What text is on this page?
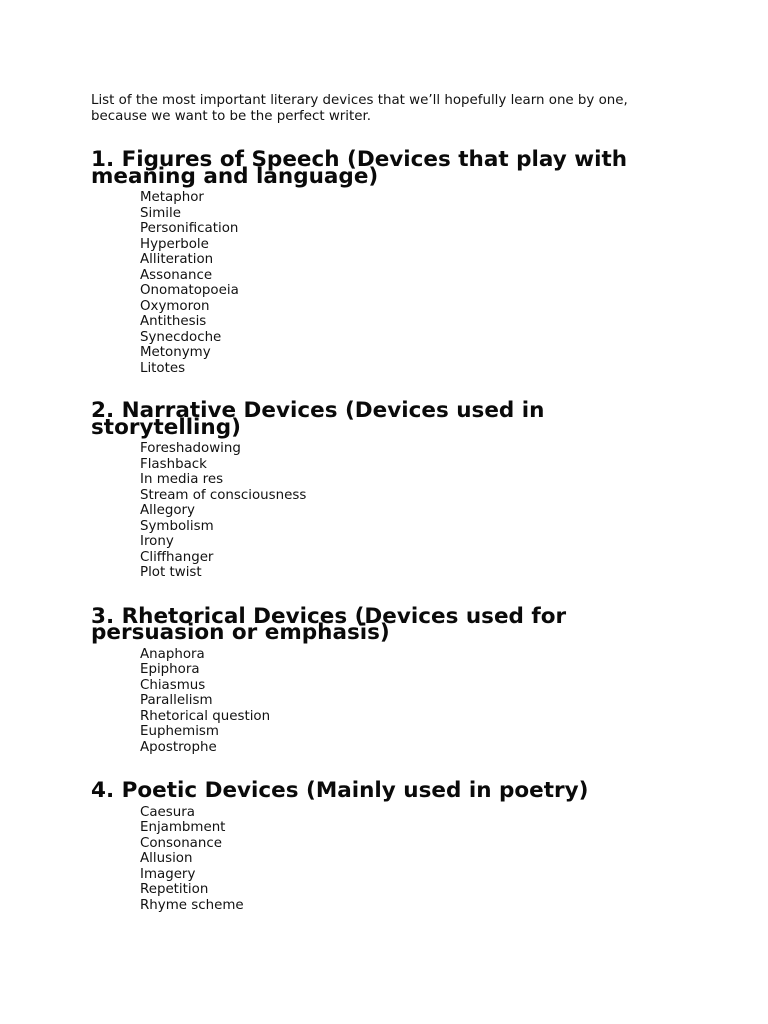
List of the most important literary devices that we’ll hopefully learn one by one,
because we want to be the perfect writer.

1. Figures of Speech (Devices that play with meaning and language)
Metaphor
Simile
Personification
Hyperbole
Alliteration
Assonance
Onomatopoeia
Oxymoron
Antithesis
Synecdoche
Metonymy
Litotes
2. Narrative Devices (Devices used in storytelling)
Foreshadowing
Flashback
In media res
Stream of consciousness
Allegory
Symbolism
Irony
Cliffhanger
Plot twist
3. Rhetorical Devices (Devices used for persuasion or emphasis)
Anaphora
Epiphora
Chiasmus
Parallelism
Rhetorical question
Euphemism
Apostrophe
4. Poetic Devices (Mainly used in poetry)
Caesura
Enjambment
Consonance
Allusion
Imagery
Repetition
Rhyme scheme
